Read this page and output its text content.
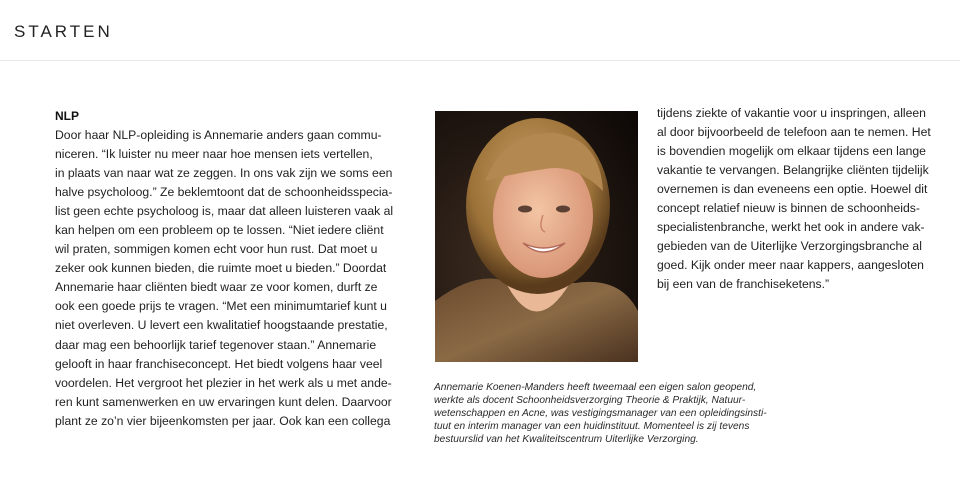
STARTEN
NLP
Door haar NLP-opleiding is Annemarie anders gaan commu-
niceren. “Ik luister nu meer naar hoe mensen iets vertellen,
in plaats van naar wat ze zeggen. In ons vak zijn we soms een
halve psycholoog.” Ze beklemtoont dat de schoonheidsspecia-
list geen echte psycholoog is, maar dat alleen luisteren vaak al
kan helpen om een probleem op te lossen. “Niet iedere cliënt
wil praten, sommigen komen echt voor hun rust. Dat moet u
zeker ook kunnen bieden, die ruimte moet u bieden.” Doordat
Annemarie haar cliënten biedt waar ze voor komen, durft ze
ook een goede prijs te vragen. “Met een minimumtarief kunt u
niet overleven. U levert een kwalitatief hoogstaande prestatie,
daar mag een behoorlijk tarief tegenover staan.” Annemarie
gelooft in haar franchiseconcept. Het biedt volgens haar veel
voordelen. Het vergroot het plezier in het werk als u met ande-
ren kunt samenwerken en uw ervaringen kunt delen. Daarvoor
plant ze zo’n vier bijeenkomsten per jaar. Ook kan een collega
tijdens ziekte of vakantie voor u inspringen, alleen
al door bijvoorbeeld de telefoon aan te nemen. Het
is bovendien mogelijk om elkaar tijdens een lange
vakantie te vervangen. Belangrijke cliënten tijdelijk
overnemen is dan eveneens een optie. Hoewel dit
concept relatief nieuw is binnen de schoonheids-
specialistenbranche, werkt het ook in andere vak-
gebieden van de Uiterlijke Verzorgingsbranche al
goed. Kijk onder meer naar kappers, aangesloten
bij een van de franchiseketens.”
Annemarie Koenen-Manders heeft tweemaal een eigen salon geopend,
werkte als docent Schoonheidsverzorging Theorie & Praktijk, Natuur-
wetenschappen en Acne, was vestigingsmanager van een opleidingsinsti-
tuut en interim manager van een huidinstituut. Momenteel is zij tevens
bestuurslid van het Kwaliteitscentrum Uiterlijke Verzorging.
